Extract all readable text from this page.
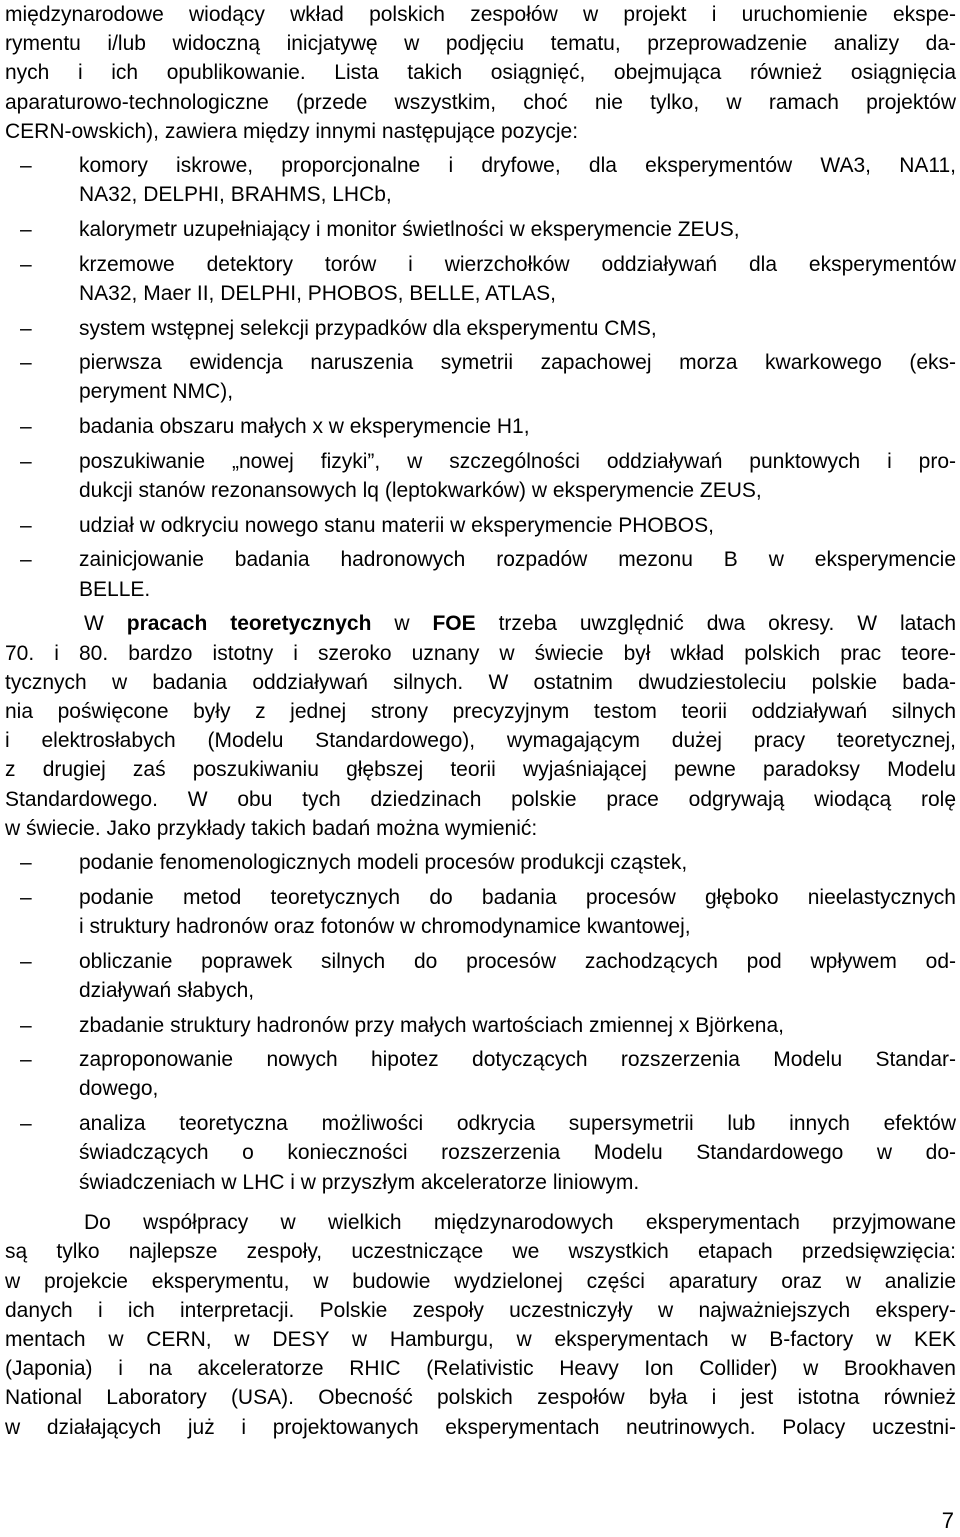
międzynarodowe wiodący wkład polskich zespołów w projekt i uruchomienie ekspe-
rymentu i/lub widoczną inicjatywę w podjęciu tematu, przeprowadzenie analizy da-
nych i ich opublikowanie. Lista takich osiągnięć, obejmująca również osiągnięcia
aparaturowo-technologiczne (przede wszystkim, choć nie tylko, w ramach projektów
CERN-owskich), zawiera między innymi następujące pozycje:
–	komory iskrowe, proporcjonalne i dryfowe, dla eksperymentów WA3, NA11,
NA32, DELPHI, BRAHMS, LHCb,
–	kalorymetr uzupełniający i monitor świetlności w eksperymencie ZEUS,
–	krzemowe detektory torów i wierzchołków oddziaływań dla eksperymentów
NA32, Maer II, DELPHI, PHOBOS, BELLE, ATLAS,
–	system wstępnej selekcji przypadków dla eksperymentu CMS,
–	pierwsza ewidencja naruszenia symetrii zapachowej morza kwarkowego (eks-
peryment NMC),
–	badania obszaru małych x w eksperymencie H1,
–	poszukiwanie „nowej fizyki”, w szczególności oddziaływań punktowych i pro-
dukcji stanów rezonansowych lq (leptokwarków) w eksperymencie ZEUS,
–	udział w odkryciu nowego stanu materii w eksperymencie PHOBOS,
–	zainicjowanie badania hadronowych rozpadów mezonu B w eksperymencie
BELLE.
W pracach teoretycznych w FOE trzeba uwzględnić dwa okresy. W latach
70. i 80. bardzo istotny i szeroko uznany w świecie był wkład polskich prac teore-
tycznych w badania oddziaływań silnych. W ostatnim dwudziestoleciu polskie bada-
nia poświęcone były z jednej strony precyzyjnym testom teorii oddziaływań silnych
i elektrosłabych (Modelu Standardowego), wymagającym dużej pracy teoretycznej,
z drugiej zaś poszukiwaniu głębszej teorii wyjaśniającej pewne paradoksy Modelu
Standardowego. W obu tych dziedzinach polskie prace odgrywają wiodącą rolę
w świecie. Jako przykłady takich badań można wymienić:
–	podanie fenomenologicznych modeli procesów produkcji cząstek,
–	podanie metod teoretycznych do badania procesów głęboko nieelastycznych
i struktury hadronów oraz fotonów w chromodynamice kwantowej,
–	obliczanie poprawek silnych do procesów zachodzących pod wpływem od-
działywań słabych,
–	zbadanie struktury hadronów przy małych wartościach zmiennej x Björkena,
–	zaproponowanie nowych hipotez dotyczących rozszerzenia Modelu Standar-
dowego,
–	analiza teoretyczna możliwości odkrycia supersymetrii lub innych efektów
świadczących o konieczności rozszerzenia Modelu Standardowego w do-
świadczeniach w LHC i w przyszłym akceleratorze liniowym.
Do współpracy w wielkich międzynarodowych eksperymentach przyjmowane
są tylko najlepsze zespoły, uczestniczące we wszystkich etapach przedsięwzięcia:
w projekcie eksperymentu, w budowie wydzielonej części aparatury oraz w analizie
danych i ich interpretacji. Polskie zespoły uczestniczyły w najważniejszych ekspery-
mentach w CERN, w DESY w Hamburgu, w eksperymentach w B-factory w KEK
(Japonia) i na akceleratorze RHIC (Relativistic Heavy Ion Collider) w Brookhaven
National Laboratory (USA). Obecność polskich zespołów była i jest istotna również
w działających już i projektowanych eksperymentach neutrinowych. Polacy uczestni-
7
